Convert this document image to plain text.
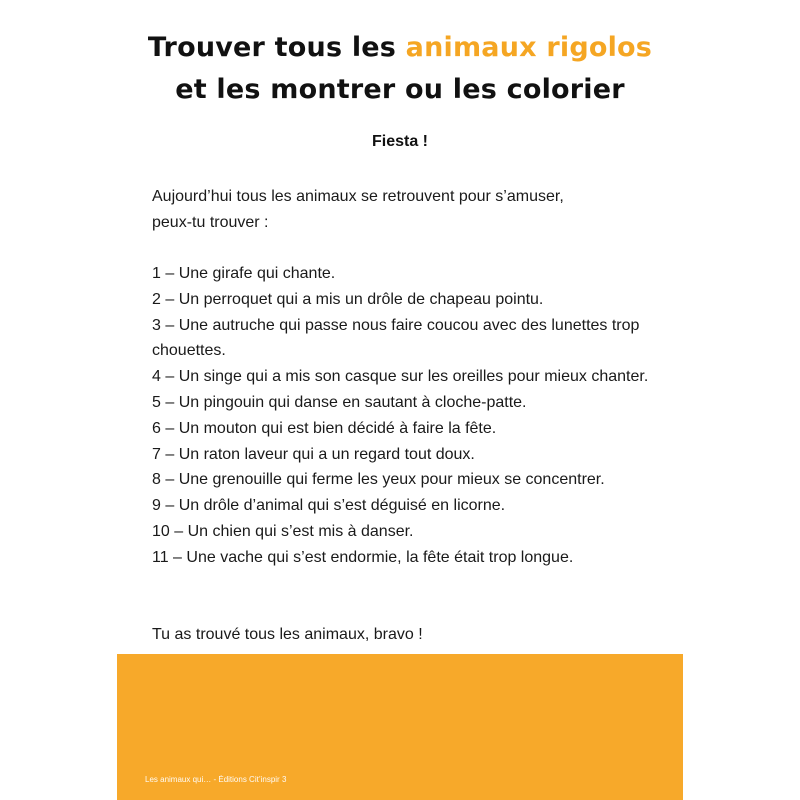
Trouver tous les animaux rigolos
et les montrer ou les colorier
Fiesta !
Aujourd’hui tous les animaux se retrouvent pour s’amuser,
peux-tu trouver :
1 – Une girafe qui chante.
2 – Un perroquet qui a mis un drôle de chapeau pointu.
3 – Une autruche qui passe nous faire coucou avec des lunettes trop chouettes.
4 – Un singe qui a mis son casque sur les oreilles pour mieux chanter.
5 – Un pingouin qui danse en sautant à cloche-patte.
6 – Un mouton qui est bien décidé à faire la fête.
7 – Un raton laveur qui a un regard tout doux.
8 – Une grenouille qui ferme les yeux pour mieux se concentrer.
9 – Un drôle d’animal qui s’est déguisé en licorne.
10 – Un chien qui s’est mis à danser.
11 – Une vache qui s’est endormie, la fête était trop longue.
Tu as trouvé tous les animaux, bravo !
Les animaux qui… - Éditions Cit’inspir 3
